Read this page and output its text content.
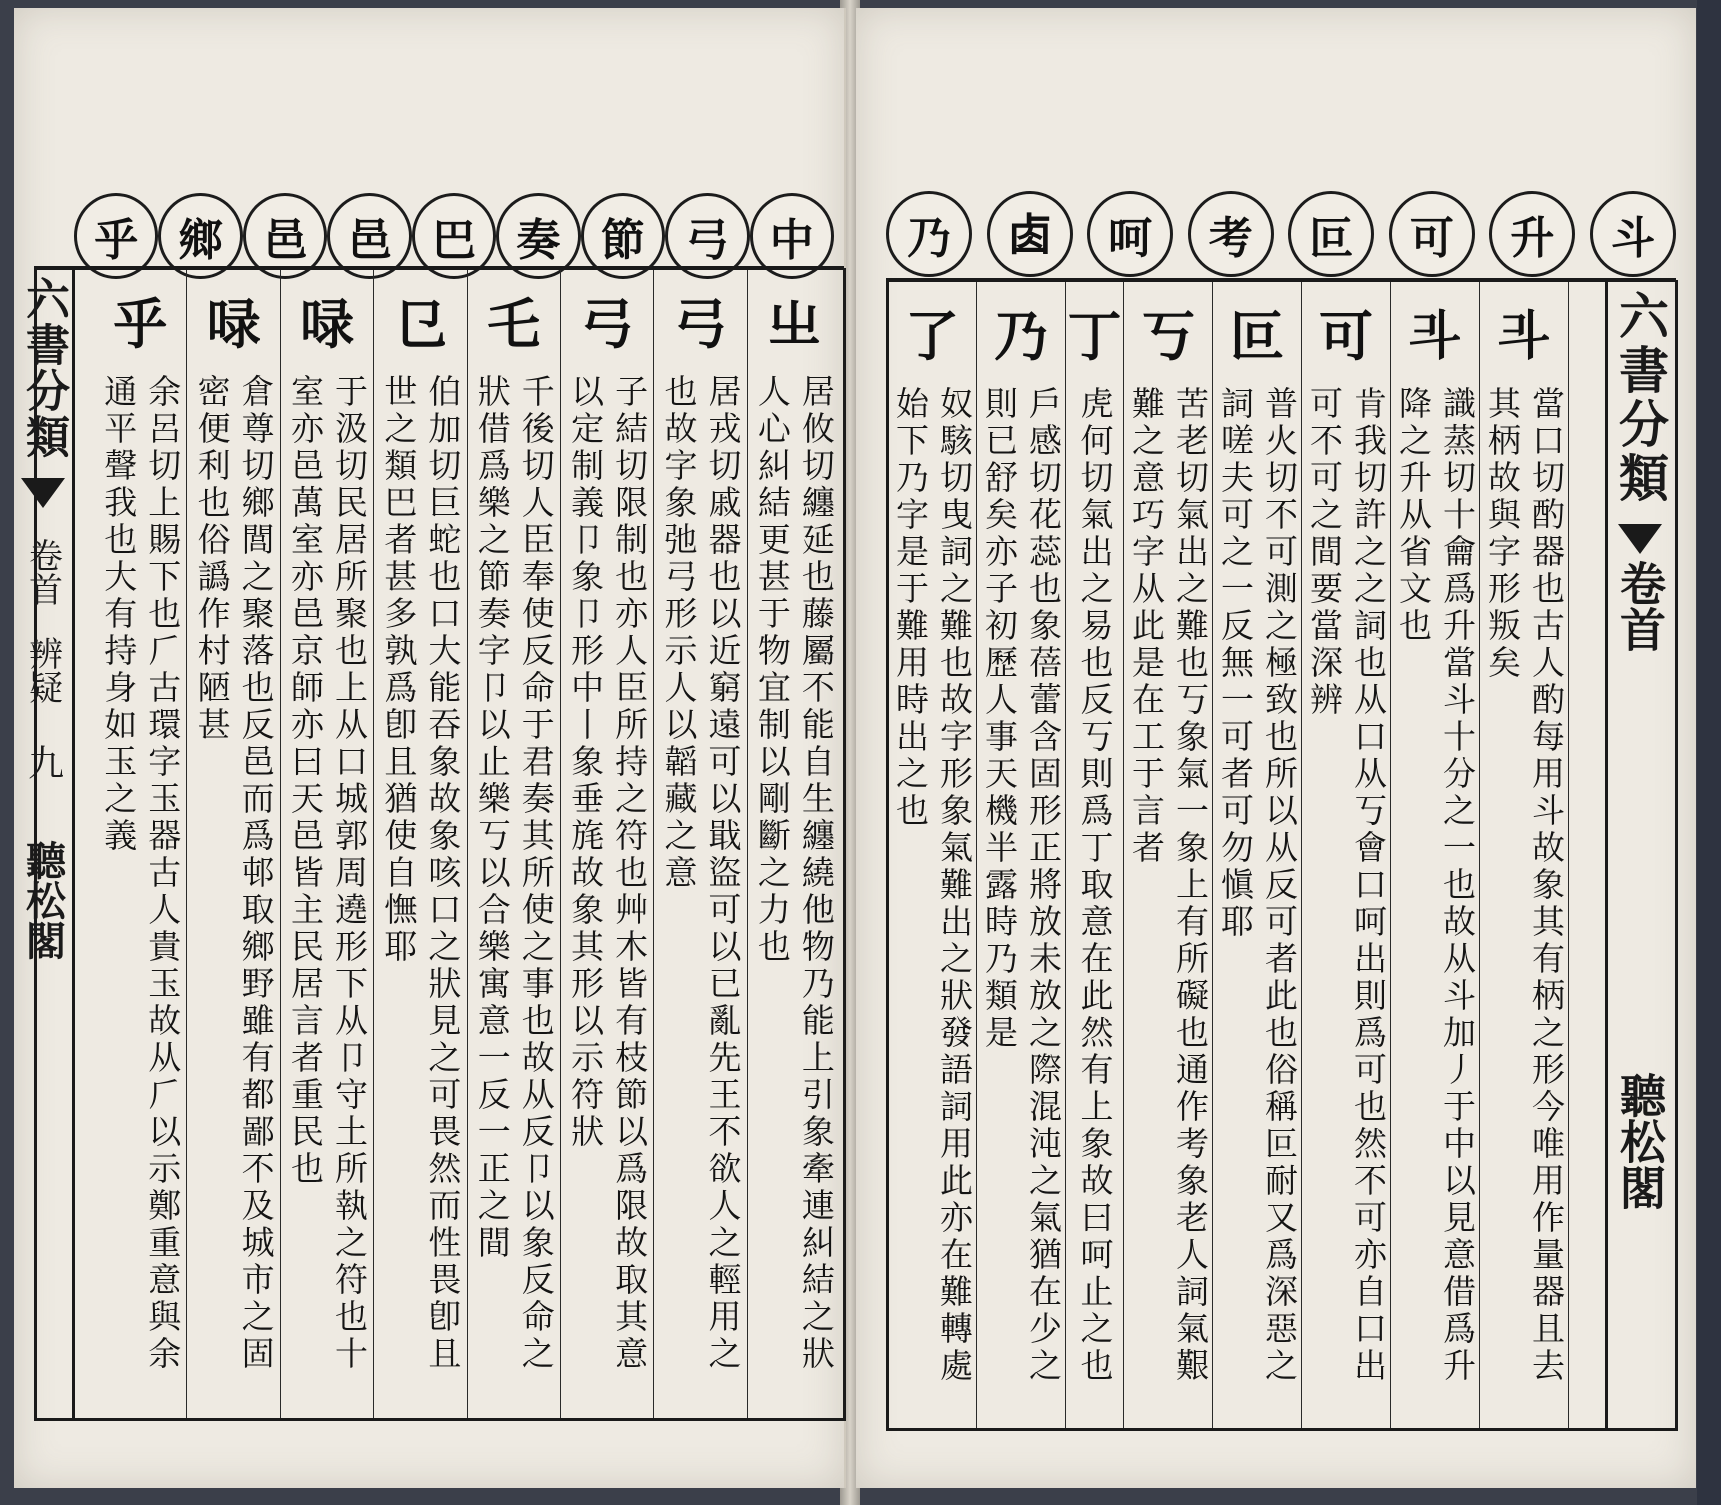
乎 鄉 邑 邑 巴 奏 節 弓 中
六書分類
卷首
辨疑
九
聽松閣
㞢
居攸切纏延也藤屬不能自生纏繞他物乃能上引象牽連糾結之狀人心糾結更甚于物宜制以剛斷之力也
弓
居戎切戚器也以近窮遠可以戢盜可以已亂先王不欲人之輕用之也故字象弛弓形示人以韜藏之意
弓
子結切限制也亦人臣所持之符也艸木皆有枝節以爲限故取其意以定制義卩象卩形中丨象垂旄故象其形以示符狀
乇
千後切人臣奉使反命于君奏其所使之事也故从反卩以象反命之狀借爲樂之節奏字卩以止樂丂以合樂寓意一反一正之間
㔾
伯加切巨蛇也口大能吞象故象咳口之狀見之可畏然而性畏卽且世之類巴者甚多孰爲卽且猶使自憮耶
㖨
于汲切民居所聚也上从口城郭周遶形下从卩守土所執之符也十室亦邑萬室亦邑京師亦曰天邑皆主民居言者重民也
㖨
倉尊切鄉閭之聚落也反邑而爲邨取鄉野雖有都鄙不及城市之固密便利也俗譌作村陋甚
乎
余呂切上賜下也𠂆古環字玉器古人貴玉故从𠂆以示鄭重意與余通平聲我也大有持身如玉之義
乃	𠧪	呵	考	叵	可	升	斗
𣁬
當口切酌器也古人酌每用斗故象其有柄之形今唯用作量器且去其柄故與字形叛矣
𣁬
識蒸切十龠爲升當斗十分之一也故从斗加丿于中以見意借爲升降之升从省文也
可
肯我切許之之詞也从口从丂會口呵出則爲可也然不可亦自口出可不可之間要當深辨
叵
普火切不可測之極致也所以从反可者此也俗稱叵耐又爲深惡之詞嗟夫可之一反無一可者可勿愼耶
丂
苦老切氣出之難也丂象氣一象上有所礙也通作考象老人詞氣艱難之意巧字从此是在工于言者
丁
虎何切氣出之易也反丂則爲丁取意在此然有上象故曰呵止之也
乃
戶感切花蕊也象蓓蕾含固形正將放未放之際混沌之氣猶在少之則已舒矣亦子初歷人事天機半露時乃類是
了
奴駭切曳詞之難也故字形象氣難出之狀發語詞用此亦在難轉處始下乃字是于難用時出之也	六書分類
卷首
聽松閣
